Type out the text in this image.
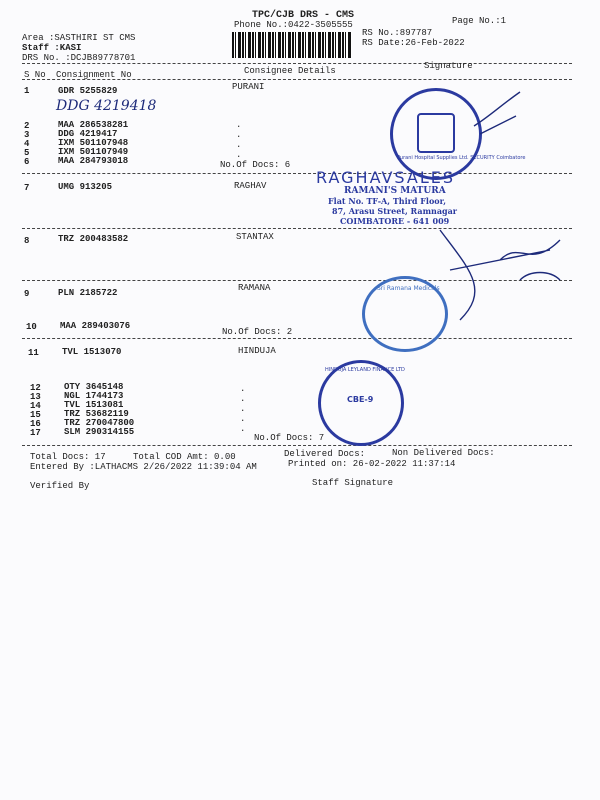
TPC/CJB DRS - CMS
Phone No.:0422-3505555	Page No.:1
Area :SASTHIRI ST CMS
Staff :KASI
DRS No. :DCJB89778701
RS No.:897787
RS Date:26-Feb-2022
S No Consignment No	Consignee Details	Signature
1	GDR 5255829	PURANI
DDG 4219418
2	MAA 286538281
3	DDG 4219417
4	IXM 501107948
5	IXM 501107949
6	MAA 284793018
.
.
.
.
No.Of Docs: 6
7	UMG 913205	RAGHAV
8	TRZ 200483582	STANTAX
9	PLN 2185722	RAMANA
10	MAA 289403076
No.Of Docs: 2
11	TVL 1513070	HINDUJA
12	OTY 3645148
13	NGL 1744173
14	TVL 1513081
15	TRZ 53682119
16	TRZ 270047800
17	SLM 290314155
.
.
.
.
.
No.Of Docs: 7
Total Docs: 17	Total COD Amt: 0.00	Delivered Docs:	Non Delivered Docs:
Entered By :LATHACMS 2/26/2022 11:39:04 AM	Printed on: 26-02-2022 11:37:14
Verified By	Staff Signature
Purani Hospital Supplies Ltd. SECURITY Coimbatore
RAGHAVSALES
RAMANI'S MATURA
Flat No. TF-A, Third Floor,
87, Arasu Street, Ramnagar
COIMBATORE - 641 009
Sri Ramana Medicals
HINDUJA LEYLAND FINANCE LTD
CBE-9
